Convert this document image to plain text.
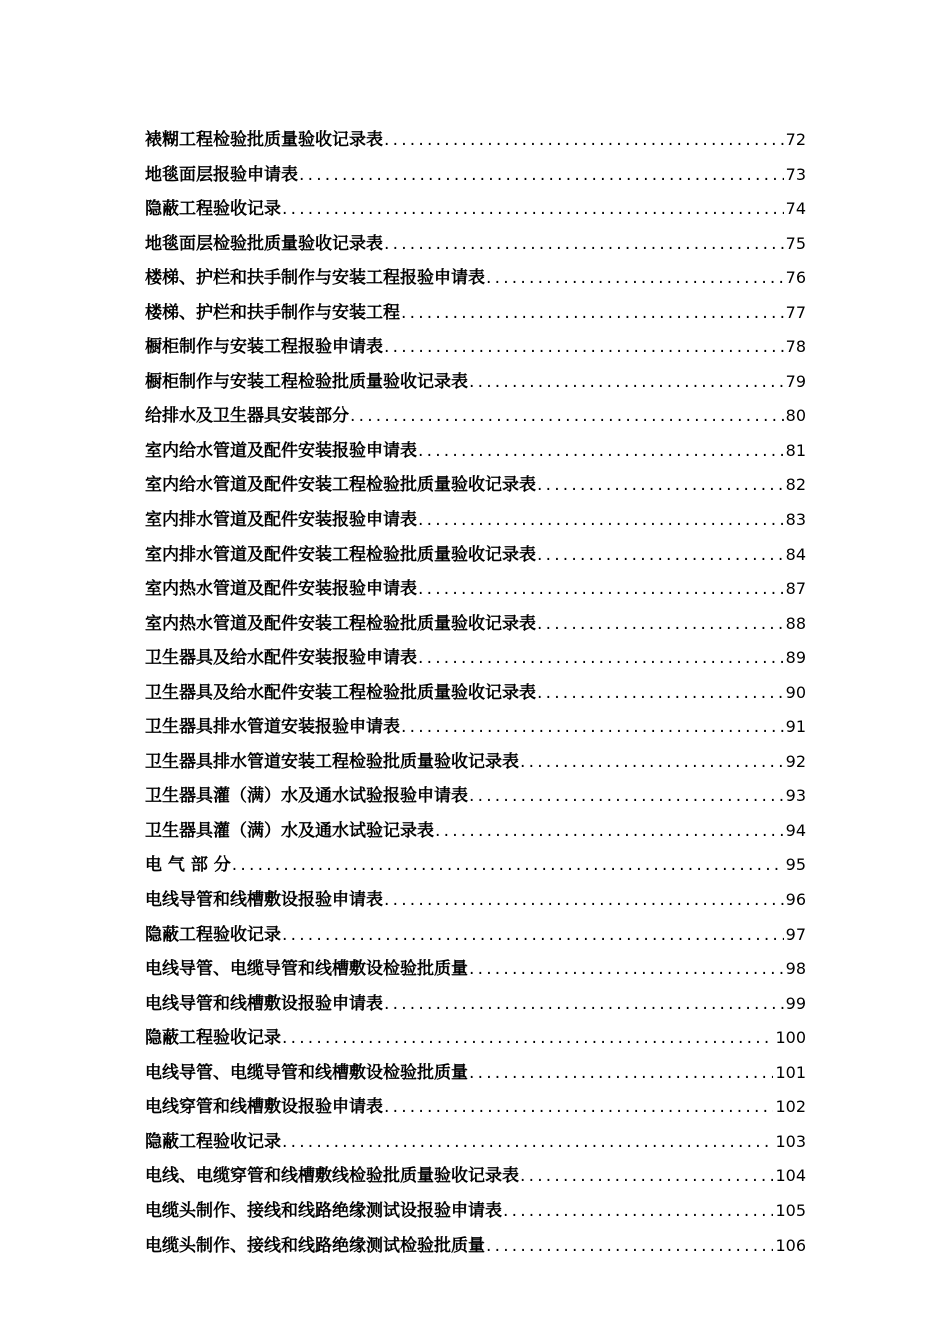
裱糊工程检验批质量验收记录表 .....	72
地毯面层报验申请表 .....	73
隐蔽工程验收记录 .....	74
地毯面层检验批质量验收记录表 .....	75
楼梯、护栏和扶手制作与安装工程报验申请表 .....	76
楼梯、护栏和扶手制作与安装工程 .....	77
橱柜制作与安装工程报验申请表 .....	78
橱柜制作与安装工程检验批质量验收记录表 .....	79
给排水及卫生器具安装部分 .....	80
室内给水管道及配件安装报验申请表 .....	81
室内给水管道及配件安装工程检验批质量验收记录表 .....	82
室内排水管道及配件安装报验申请表 .....	83
室内排水管道及配件安装工程检验批质量验收记录表 .....	84
室内热水管道及配件安装报验申请表 .....	87
室内热水管道及配件安装工程检验批质量验收记录表 .....	88
卫生器具及给水配件安装报验申请表 .....	89
卫生器具及给水配件安装工程检验批质量验收记录表 .....	90
卫生器具排水管道安装报验申请表 .....	91
卫生器具排水管道安装工程检验批质量验收记录表 .....	92
卫生器具灌（满）水及通水试验报验申请表 .....	93
卫生器具灌（满）水及通水试验记录表 .....	94
电 气 部 分 .....	95
电线导管和线槽敷设报验申请表 .....	96
隐蔽工程验收记录 .....	97
电线导管、电缆导管和线槽敷设检验批质量 .....	98
电线导管和线槽敷设报验申请表 .....	99
隐蔽工程验收记录 .....	100
电线导管、电缆导管和线槽敷设检验批质量 .....	101
电线穿管和线槽敷设报验申请表 .....	102
隐蔽工程验收记录 .....	103
电线、电缆穿管和线槽敷线检验批质量验收记录表 .....	104
电缆头制作、接线和线路绝缘测试设报验申请表 .....	105
电缆头制作、接线和线路绝缘测试检验批质量 .....	106
